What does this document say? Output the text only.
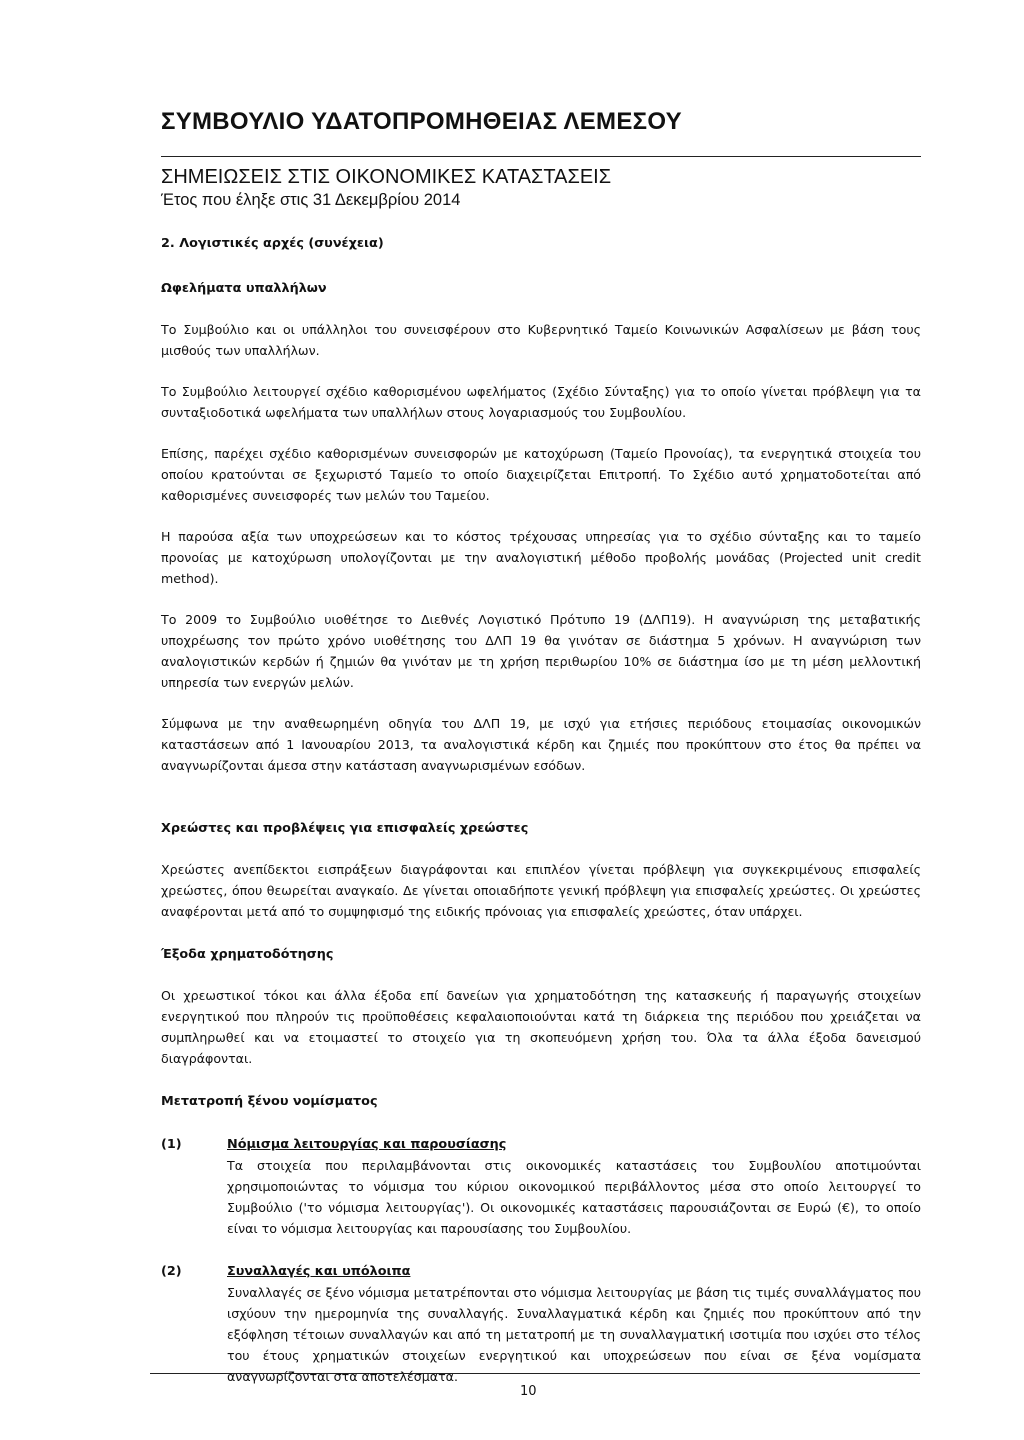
ΣΥΜΒΟΥΛΙΟ ΥΔΑΤΟΠΡΟΜΗΘΕΙΑΣ ΛΕΜΕΣΟΥ
ΣΗΜΕΙΩΣΕΙΣ ΣΤΙΣ ΟΙΚΟΝΟΜΙΚΕΣ ΚΑΤΑΣΤΑΣΕΙΣ
Έτος που έληξε στις 31 Δεκεμβρίου 2014

2. Λογιστικές αρχές (συνέχεια)

Ωφελήματα υπαλλήλων

Το Συμβούλιο και οι υπάλληλοι του συνεισφέρουν στο Κυβερνητικό Ταμείο Κοινωνικών Ασφαλίσεων με βάση τους μισθούς των υπαλλήλων.

Το Συμβούλιο λειτουργεί σχέδιο καθορισμένου ωφελήματος (Σχέδιο Σύνταξης) για το οποίο γίνεται πρόβλεψη για τα συνταξιοδοτικά ωφελήματα των υπαλλήλων στους λογαριασμούς του Συμβουλίου.

Επίσης, παρέχει σχέδιο καθορισμένων συνεισφορών με κατοχύρωση (Ταμείο Προνοίας), τα ενεργητικά στοιχεία του οποίου κρατούνται σε ξεχωριστό Ταμείο το οποίο διαχειρίζεται Επιτροπή. Το Σχέδιο αυτό χρηματοδοτείται από καθορισμένες συνεισφορές των μελών του Ταμείου.

Η παρούσα αξία των υποχρεώσεων και το κόστος τρέχουσας υπηρεσίας για το σχέδιο σύνταξης και το ταμείο προνοίας με κατοχύρωση υπολογίζονται με την αναλογιστική μέθοδο προβολής μονάδας (Projected unit credit method).

Το 2009 το Συμβούλιο υιοθέτησε το Διεθνές Λογιστικό Πρότυπο 19 (ΔΛΠ19). Η αναγνώριση της μεταβατικής υποχρέωσης τον πρώτο χρόνο υιοθέτησης του ΔΛΠ 19 θα γινόταν σε διάστημα 5 χρόνων. Η αναγνώριση των αναλογιστικών κερδών ή ζημιών θα γινόταν με τη χρήση περιθωρίου 10% σε διάστημα ίσο με τη μέση μελλοντική υπηρεσία των ενεργών μελών.

Σύμφωνα με την αναθεωρημένη οδηγία του ΔΛΠ 19, με ισχύ για ετήσιες περιόδους ετοιμασίας οικονομικών καταστάσεων από 1 Ιανουαρίου 2013, τα αναλογιστικά κέρδη και ζημιές που προκύπτουν στο έτος θα πρέπει να αναγνωρίζονται άμεσα στην κατάσταση αναγνωρισμένων εσόδων.

Χρεώστες και προβλέψεις για επισφαλείς χρεώστες

Χρεώστες ανεπίδεκτοι εισπράξεων διαγράφονται και επιπλέον γίνεται πρόβλεψη για συγκεκριμένους επισφαλείς χρεώστες, όπου θεωρείται αναγκαίο. Δε γίνεται οποιαδήποτε γενική πρόβλεψη για επισφαλείς χρεώστες. Οι χρεώστες αναφέρονται μετά από το συμψηφισμό της ειδικής πρόνοιας για επισφαλείς χρεώστες, όταν υπάρχει.

Έξοδα χρηματοδότησης

Οι χρεωστικοί τόκοι και άλλα έξοδα επί δανείων για χρηματοδότηση της κατασκευής ή παραγωγής στοιχείων ενεργητικού που πληρούν τις προϋποθέσεις κεφαλαιοποιούνται κατά τη διάρκεια της περιόδου που χρειάζεται να συμπληρωθεί και να ετοιμαστεί το στοιχείο για τη σκοπευόμενη χρήση του. Όλα τα άλλα έξοδα δανεισμού διαγράφονται.

Μετατροπή ξένου νομίσματος

(1)	Νόμισμα λειτουργίας και παρουσίασης

Τα στοιχεία που περιλαμβάνονται στις οικονομικές καταστάσεις του Συμβουλίου αποτιμούνται χρησιμοποιώντας το νόμισμα του κύριου οικονομικού περιβάλλοντος μέσα στο οποίο λειτουργεί το Συμβούλιο ('το νόμισμα λειτουργίας'). Οι οικονομικές καταστάσεις παρουσιάζονται σε Ευρώ (€), το οποίο είναι το νόμισμα λειτουργίας και παρουσίασης του Συμβουλίου.

(2)	Συναλλαγές και υπόλοιπα

Συναλλαγές σε ξένο νόμισμα μετατρέπονται στο νόμισμα λειτουργίας με βάση τις τιμές συναλλάγματος που ισχύουν την ημερομηνία της συναλλαγής. Συναλλαγματικά κέρδη και ζημιές που προκύπτουν από την εξόφληση τέτοιων συναλλαγών και από τη μετατροπή με τη συναλλαγματική ισοτιμία που ισχύει στο τέλος του έτους χρηματικών στοιχείων ενεργητικού και υποχρεώσεων που είναι σε ξένα νομίσματα αναγνωρίζονται στα αποτελέσματα.

10
